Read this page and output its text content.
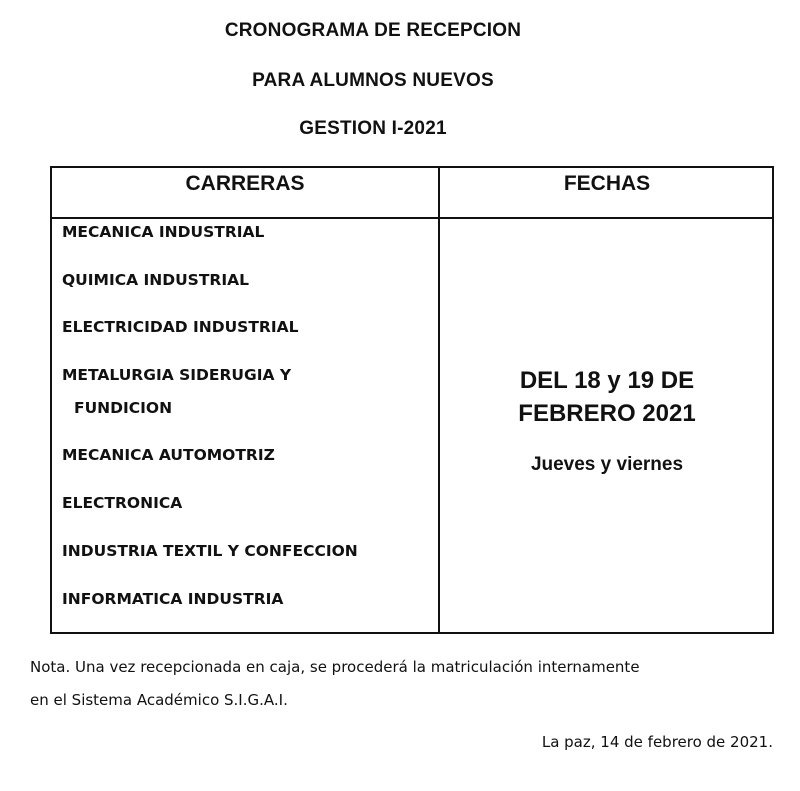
CRONOGRAMA DE RECEPCION
PARA ALUMNOS NUEVOS
GESTION I-2021
CARRERAS	FECHAS
MECANICA INDUSTRIAL
QUIMICA INDUSTRIAL
ELECTRICIDAD INDUSTRIAL
METALURGIA SIDERUGIA Y
FUNDICION
MECANICA AUTOMOTRIZ
ELECTRONICA
INDUSTRIA TEXTIL Y CONFECCION
INFORMATICA INDUSTRIA
DEL 18 y 19 DE
FEBRERO 2021
Jueves y viernes
Nota. Una vez recepcionada en caja, se procederá la matriculación internamente
en el Sistema Académico S.I.G.A.I.
La paz, 14 de febrero de 2021.
